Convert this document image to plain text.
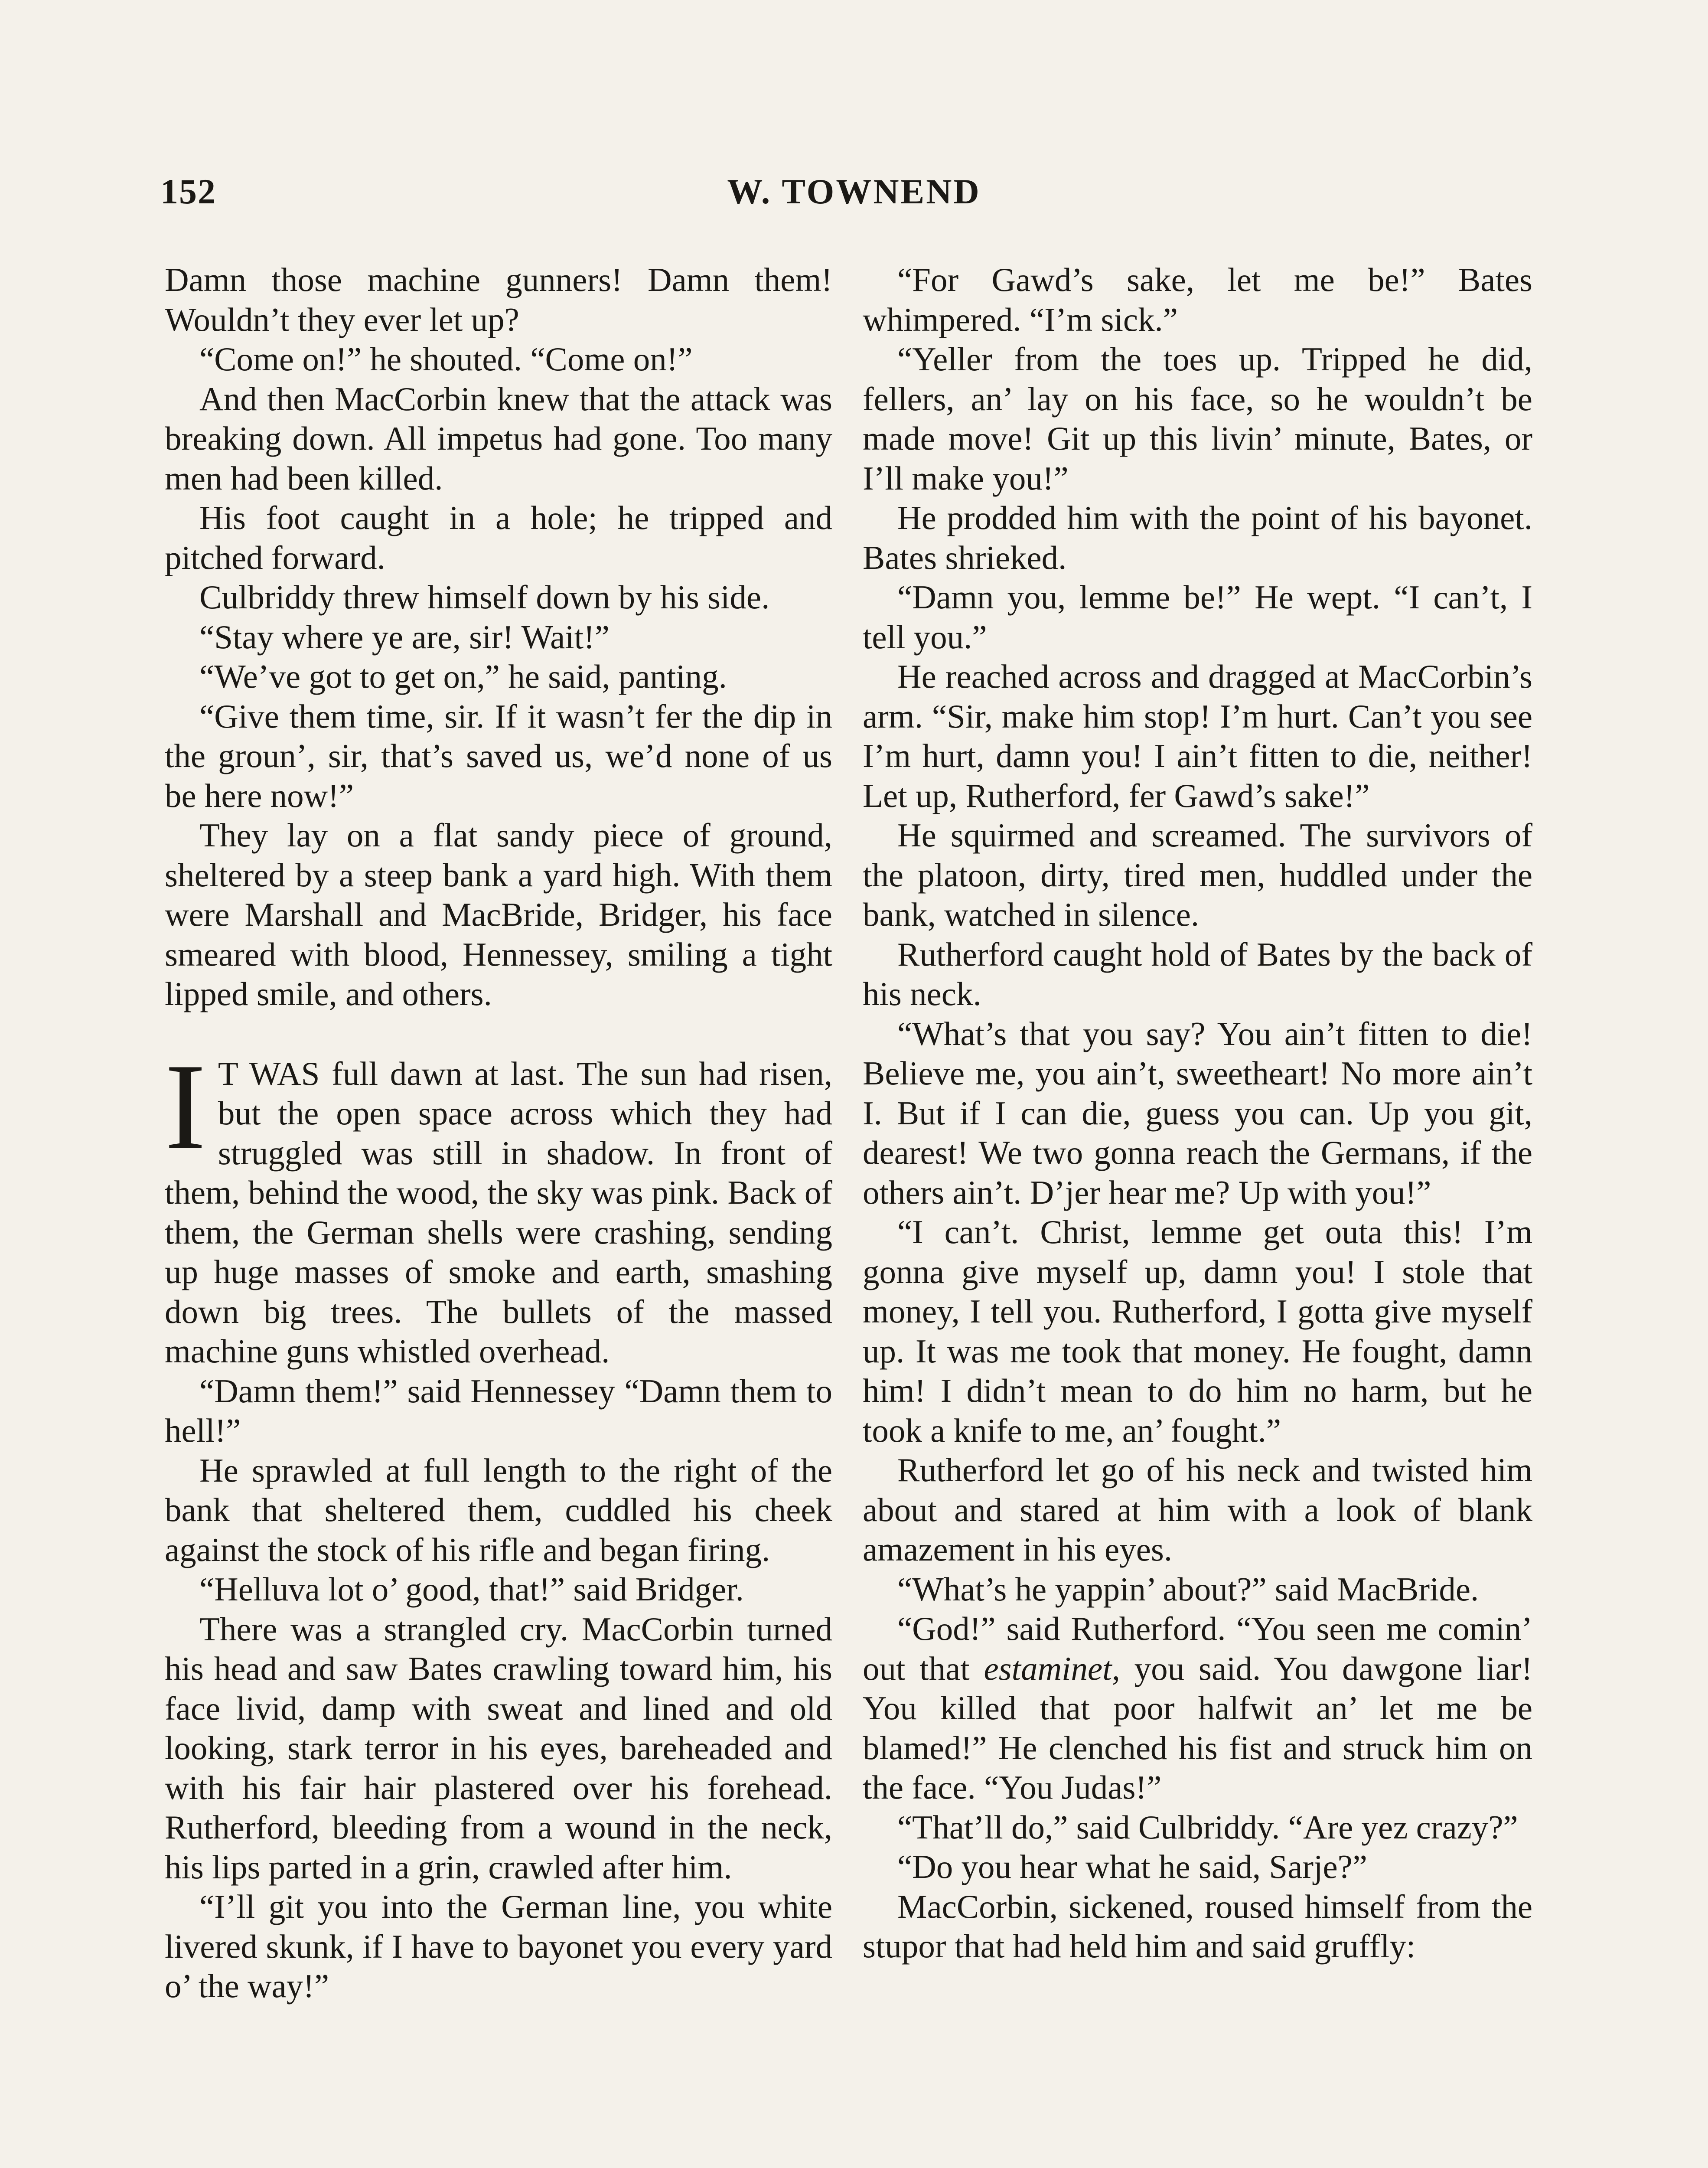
152	W. TOWNEND

Damn those machine gunners! Damn them! Wouldn’t they ever let up?

“Come on!” he shouted. “Come on!”

And then MacCorbin knew that the attack was breaking down. All impetus had gone. Too many men had been killed.

His foot caught in a hole; he tripped and pitched forward.

Culbriddy threw himself down by his side.

“Stay where ye are, sir! Wait!”

“We’ve got to get on,” he said, panting.

“Give them time, sir. If it wasn’t fer the dip in the groun’, sir, that’s saved us, we’d none of us be here now!”

They lay on a flat sandy piece of ground, sheltered by a steep bank a yard high. With them were Marshall and MacBride, Bridger, his face smeared with blood, Hennessey, smiling a tight lipped smile, and others.

I T WAS full dawn at last. The sun had risen, but the open space across which they had struggled was still in shadow. In front of them, behind the wood, the sky was pink. Back of them, the German shells were crashing, sending up huge masses of smoke and earth, smashing down big trees. The bullets of the massed machine guns whistled overhead.

“Damn them!” said Hennessey “Damn them to hell!”

He sprawled at full length to the right of the bank that sheltered them, cuddled his cheek against the stock of his rifle and began firing.

“Helluva lot o’ good, that!” said Bridger.

There was a strangled cry. MacCorbin turned his head and saw Bates crawling toward him, his face livid, damp with sweat and lined and old looking, stark terror in his eyes, bareheaded and with his fair hair plastered over his forehead. Rutherford, bleeding from a wound in the neck, his lips parted in a grin, crawled after him.

“I’ll git you into the German line, you white livered skunk, if I have to bayonet you every yard o’ the way!”

“For Gawd’s sake, let me be!” Bates whimpered. “I’m sick.”

“Yeller from the toes up. Tripped he did, fellers, an’ lay on his face, so he wouldn’t be made move! Git up this livin’ minute, Bates, or I’ll make you!”

He prodded him with the point of his bayonet. Bates shrieked.

“Damn you, lemme be!” He wept. “I can’t, I tell you.”

He reached across and dragged at MacCorbin’s arm. “Sir, make him stop! I’m hurt. Can’t you see I’m hurt, damn you! I ain’t fitten to die, neither! Let up, Rutherford, fer Gawd’s sake!”

He squirmed and screamed. The survivors of the platoon, dirty, tired men, huddled under the bank, watched in silence.

Rutherford caught hold of Bates by the back of his neck.

“What’s that you say? You ain’t fitten to die! Believe me, you ain’t, sweetheart! No more ain’t I. But if I can die, guess you can. Up you git, dearest! We two gonna reach the Germans, if the others ain’t. D’jer hear me? Up with you!”

“I can’t. Christ, lemme get outa this! I’m gonna give myself up, damn you! I stole that money, I tell you. Rutherford, I gotta give myself up. It was me took that money. He fought, damn him! I didn’t mean to do him no harm, but he took a knife to me, an’ fought.”

Rutherford let go of his neck and twisted him about and stared at him with a look of blank amazement in his eyes.

“What’s he yappin’ about?” said MacBride.

“God!” said Rutherford. “You seen me comin’ out that estaminet, you said. You dawgone liar! You killed that poor halfwit an’ let me be blamed!” He clenched his fist and struck him on the face. “You Judas!”

“That’ll do,” said Culbriddy. “Are yez crazy?”

“Do you hear what he said, Sarje?”

MacCorbin, sickened, roused himself from the stupor that had held him and said gruffly:
